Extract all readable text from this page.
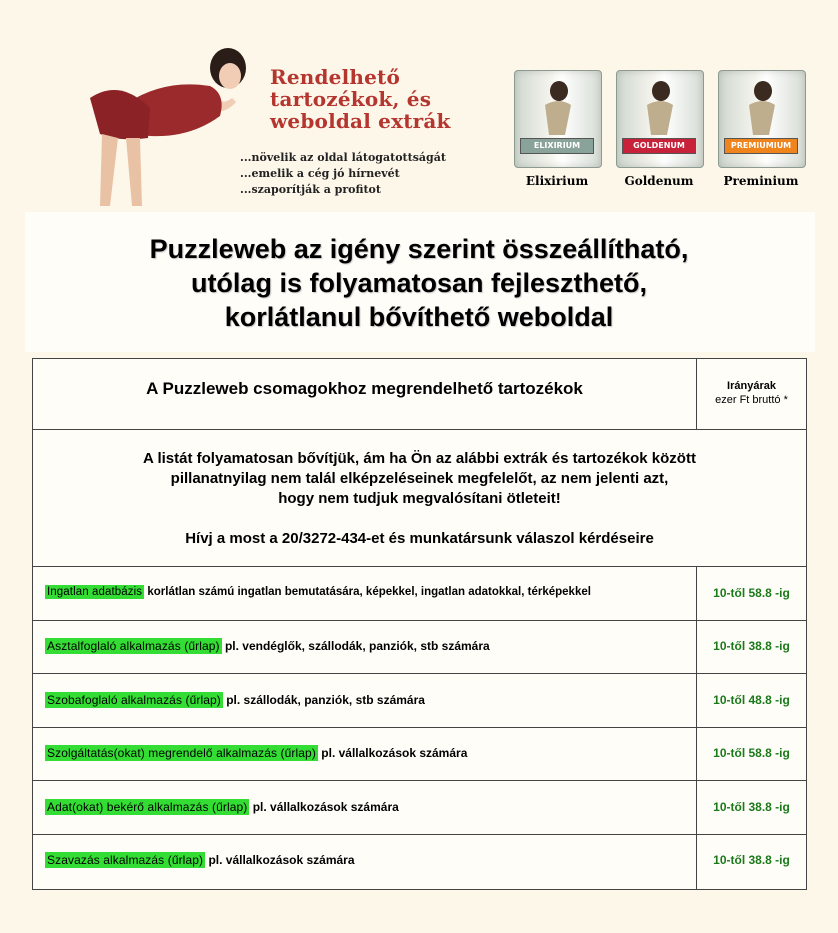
Rendelhető
tartozékok, és
weboldal extrák
...növelik az oldal látogatottságát
...emelik a cég jó hírnevét
...szaporítják a profitot
ELIXIRIUM
Elixirium
GOLDENUM
Goldenum
PREMIUMIUM
Preminium
Puzzleweb az igény szerint összeállítható,
utólag is folyamatosan fejleszthető,
korlátlanul bővíthető weboldal
A Puzzleweb csomagokhoz megrendelhető tartozékok	Irányárak
ezer Ft bruttó *
A listát folyamatosan bővítjük, ám ha Ön az alábbi extrák és tartozékok között
pillanatnyilag nem talál elképzeléseinek megfelelőt, az nem jelenti azt,
hogy nem tudjuk megvalósítani ötleteit!
Hívj a most a 20/3272-434-et és munkatársunk válaszol kérdéseire
Ingatlan adatbázis korlátlan számú ingatlan bemutatására, képekkel, ingatlan adatokkal, térképekkel	10-től 58.8 -ig
Asztalfoglaló alkalmazás (űrlap) pl. vendéglők, szállodák, panziók, stb számára	10-től 38.8 -ig
Szobafoglaló alkalmazás (űrlap) pl. szállodák, panziók, stb számára	10-től 48.8 -ig
Szolgáltatás(okat) megrendelő alkalmazás (űrlap) pl. vállalkozások számára	10-től 58.8 -ig
Adat(okat) bekérő alkalmazás (űrlap) pl. vállalkozások számára	10-től 38.8 -ig
Szavazás alkalmazás (űrlap) pl. vállalkozások számára	10-től 38.8 -ig
